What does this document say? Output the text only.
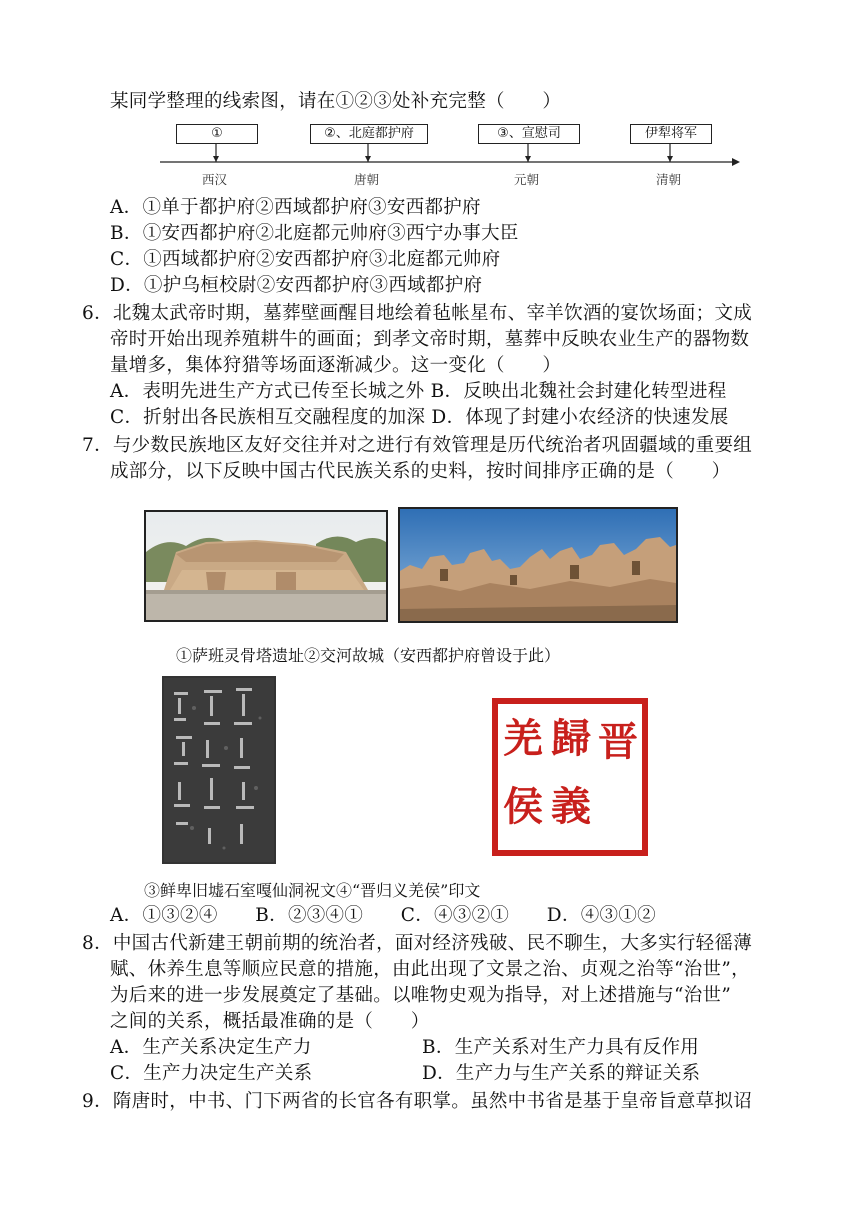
某同学整理的线索图，请在①②③处补充完整（　　）
①	②、北庭都护府	③、宣慰司	伊犁将军
西汉	唐朝	元朝	清朝
A．①单于都护府②西域都护府③安西都护府
B．①安西都护府②北庭都元帅府③西宁办事大臣
C．①西域都护府②安西都护府③北庭都元帅府
D．①护乌桓校尉②安西都护府③西域都护府
6．北魏太武帝时期，墓葬壁画醒目地绘着毡帐星布、宰羊饮酒的宴饮场面；文成
帝时开始出现养殖耕牛的画面；到孝文帝时期，墓葬中反映农业生产的器物数
量增多，集体狩猎等场面逐渐减少。这一变化（　　）
A．表明先进生产方式已传至长城之外 B．反映出北魏社会封建化转型进程
C．折射出各民族相互交融程度的加深 D．体现了封建小农经济的快速发展
7．与少数民族地区友好交往并对之进行有效管理是历代统治者巩固疆域的重要组
成部分，以下反映中国古代民族关系的史料，按时间排序正确的是（　　）
①萨班灵骨塔遗址②交河故城（安西都护府曾设于此）
晋
歸
義
羌
侯
③鲜卑旧墟石室嘎仙洞祝文④“晋归义羌侯”印文
A．①③②④　　B．②③④①　　C．④③②①　　D．④③①②
8．中国古代新建王朝前期的统治者，面对经济残破、民不聊生，大多实行轻徭薄
赋、休养生息等顺应民意的措施，由此出现了文景之治、贞观之治等“治世”，
为后来的进一步发展奠定了基础。以唯物史观为指导，对上述措施与“治世”
之间的关系，概括最准确的是（　　）
A．生产关系决定生产力	B．生产关系对生产力具有反作用
C．生产力决定生产关系	D．生产力与生产关系的辩证关系
9．隋唐时，中书、门下两省的长官各有职掌。虽然中书省是基于皇帝旨意草拟诏
